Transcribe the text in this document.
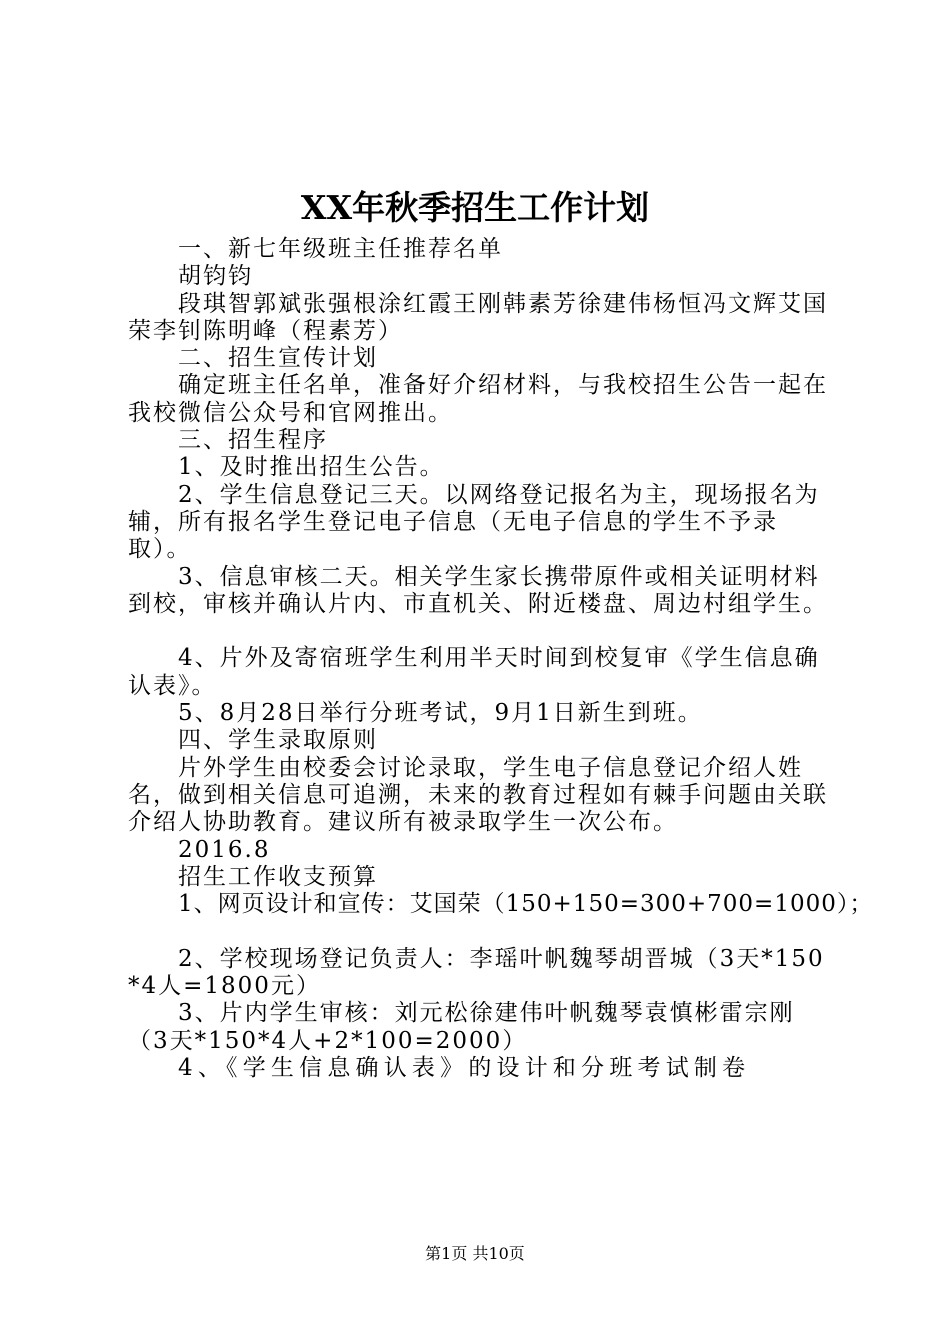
XX年秋季招生工作计划

一、新七年级班主任推荐名单

胡钧钧

段琪智郭斌张强根涂红霞王刚韩素芳徐建伟杨恒冯文辉艾国荣李钊陈明峰（程素芳）

二、招生宣传计划

确定班主任名单，准备好介绍材料，与我校招生公告一起在我校微信公众号和官网推出。

三、招生程序

1、及时推出招生公告。

2、学生信息登记三天。以网络登记报名为主，现场报名为辅，所有报名学生登记电子信息（无电子信息的学生不予录取）。

3、信息审核二天。相关学生家长携带原件或相关证明材料到校，审核并确认片内、市直机关、附近楼盘、周边村组学生。

4、片外及寄宿班学生利用半天时间到校复审《学生信息确认表》。

5、8月28日举行分班考试，9月1日新生到班。

四、学生录取原则

片外学生由校委会讨论录取，学生电子信息登记介绍人姓名，做到相关信息可追溯，未来的教育过程如有棘手问题由关联介绍人协助教育。建议所有被录取学生一次公布。

2016.8

招生工作收支预算

1、网页设计和宣传：艾国荣（150+150=300+700=1000）；

2、学校现场登记负责人：李瑶叶帆魏琴胡晋城（3天*150*4人=1800元）

3、片内学生审核：刘元松徐建伟叶帆魏琴袁慎彬雷宗刚（3天*150*4人+2*100=2000）

4、《学生信息确认表》的设计和分班考试制卷

第1页 共10页
